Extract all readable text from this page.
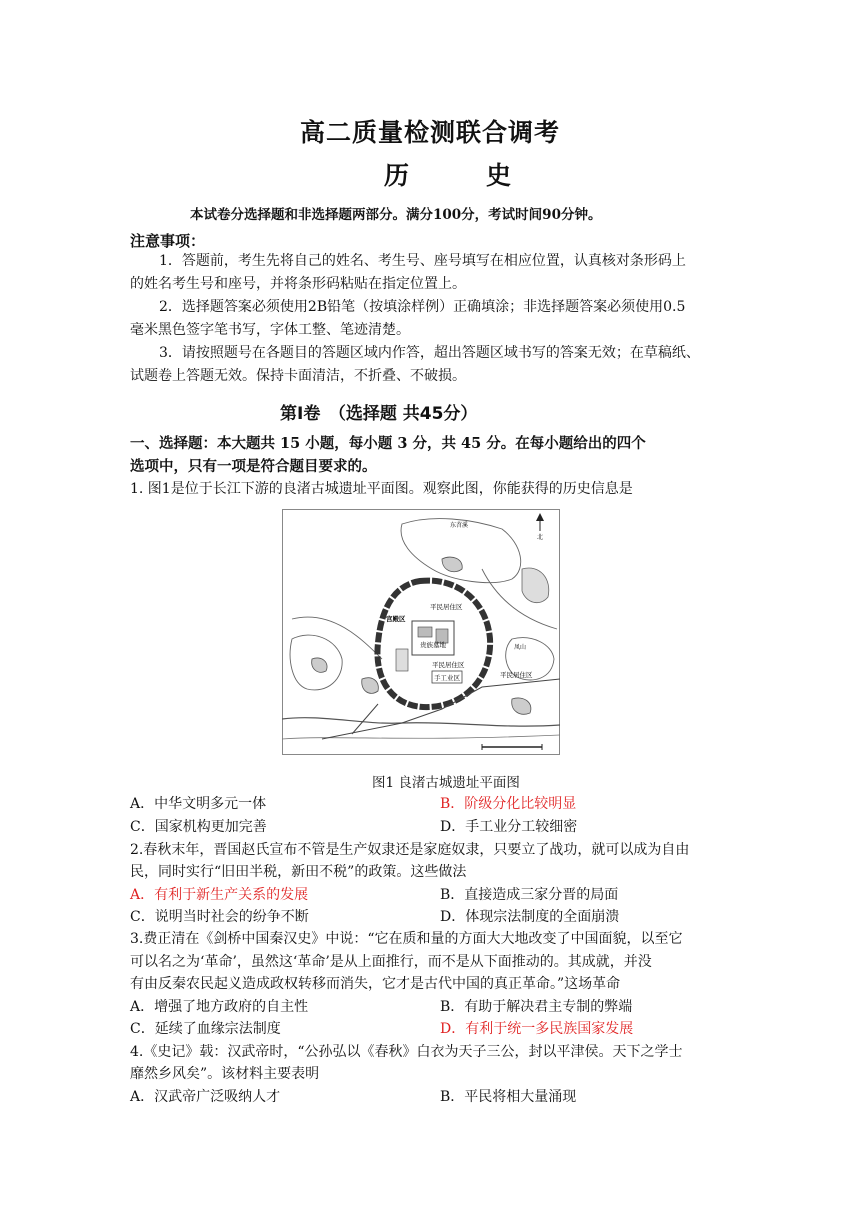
高二质量检测联合调考
历　史
本试卷分选择题和非选择题两部分。满分100分，考试时间90分钟。
注意事项：
1．答题前，考生先将自己的姓名、考生号、座号填写在相应位置，认真核对条形码上
的姓名考生号和座号，并将条形码粘贴在指定位置上。
2．选择题答案必须使用2B铅笔（按填涂样例）正确填涂；非选择题答案必须使用0.5
毫米黑色签字笔书写，字体工整、笔迹清楚。
3．请按照题号在各题目的答题区域内作答，超出答题区域书写的答案无效；在草稿纸、
试题卷上答题无效。保持卡面清洁，不折叠、不破损。
第Ⅰ卷　（选择题 共45分）
一、选择题：本大题共 15 小题，每小题 3 分，共 45 分。在每小题给出的四个
选项中，只有一项是符合题目要求的。
1. 图1是位于长江下游的良渚古城遗址平面图。观察此图，你能获得的历史信息是
北
东苕溪
凤山
平民居住区
宫殿区
贵族墓地
平民居住区
手工业区	平民居住区
图1 良渚古城遗址平面图
A．中华文明多元一体	B．阶级分化比较明显
C．国家机构更加完善	D．手工业分工较细密
2.春秋末年，晋国赵氏宣布不管是生产奴隶还是家庭奴隶，只要立了战功，就可以成为自由
民，同时实行“旧田半税，新田不税”的政策。这些做法
A．有利于新生产关系的发展	B．直接造成三家分晋的局面
C．说明当时社会的纷争不断	D．体现宗法制度的全面崩溃
3.费正清在《剑桥中国秦汉史》中说：“它在质和量的方面大大地改变了中国面貌，以至它
可以名之为‘革命’，虽然这‘革命’是从上面推行，而不是从下面推动的。其成就，并没
有由反秦农民起义造成政权转移而消失，它才是古代中国的真正革命。”这场革命
A．增强了地方政府的自主性	B．有助于解决君主专制的弊端
C．延续了血缘宗法制度	D．有利于统一多民族国家发展
4.《史记》载：汉武帝时，“公孙弘以《春秋》白衣为天子三公，封以平津侯。天下之学士
靡然乡风矣”。该材料主要表明
A．汉武帝广泛吸纳人才	B．平民将相大量涌现
